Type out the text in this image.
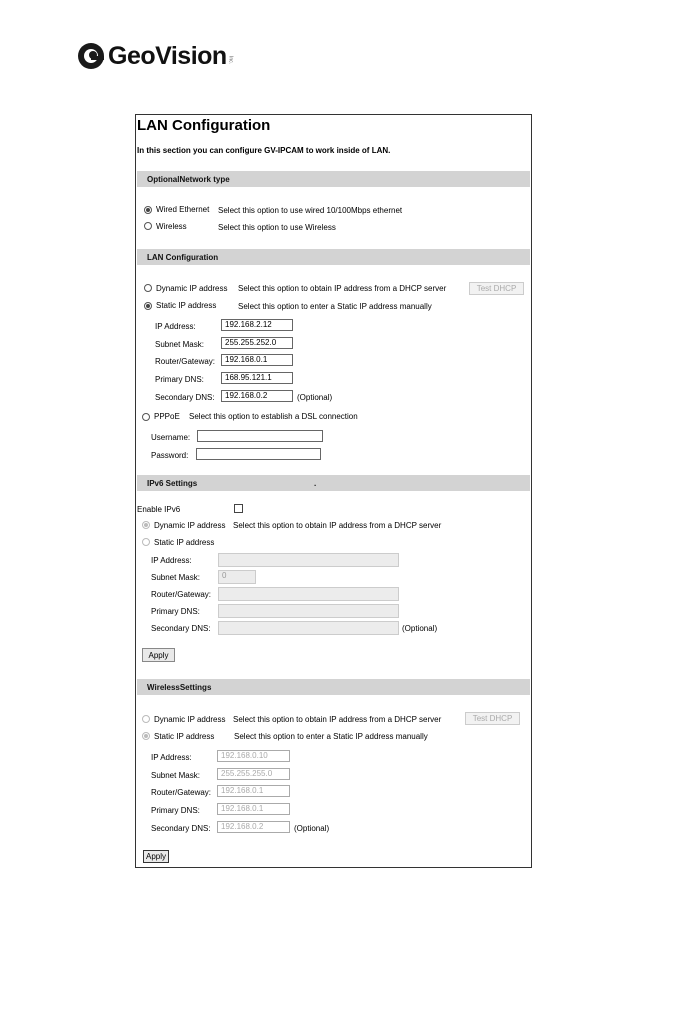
GeoVision Inc.
LAN Configuration
In this section you can configure GV-IPCAM to work inside of LAN.
OptionalNetwork type
Wired Ethernet Select this option to use wired 10/100Mbps ethernet
Wireless	Select this option to use Wireless
LAN Configuration
Dynamic IP address Select this option to obtain IP address from a DHCP server	Test DHCP
Static IP address	Select this option to enter a Static IP address manually
IP Address:	192.168.2.12
Subnet Mask:	255.255.252.0
Router/Gateway:	192.168.0.1
Primary DNS:	168.95.121.1
Secondary DNS:	192.168.0.2	(Optional)
PPPoE Select this option to establish a DSL connection
Username:
Password:
IPv6 Settings	.
Enable IPv6
Dynamic IP address Select this option to obtain IP address from a DHCP server
Static IP address
IP Address:
Subnet Mask:	0
Router/Gateway:
Primary DNS:
Secondary DNS:	(Optional)
Apply
WirelessSettings
Dynamic IP address Select this option to obtain IP address from a DHCP server	Test DHCP
Static IP address Select this option to enter a Static IP address manually
IP Address:	192.168.0.10
Subnet Mask:	255.255.255.0
Router/Gateway:	192.168.0.1
Primary DNS:	192.168.0.1
Secondary DNS:	192.168.0.2	(Optional)
Apply
